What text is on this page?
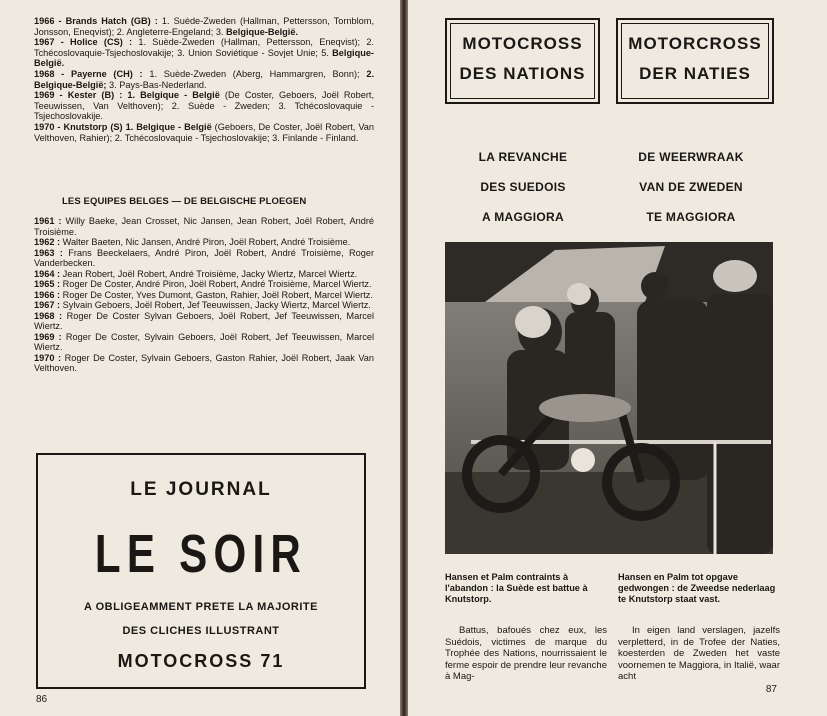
1966 - Brands Hatch (GB) : 1. Suède-Zweden (Hallman, Pettersson, Tornblom, Jonsson, Eneqvist); 2. Angleterre-Engeland; 3. Belgique-België.

1967 - Holice (CS) : 1. Suède-Zweden (Hallman, Pettersson, Eneqvist); 2. Tchécoslovaquie-Tsjechoslovakije; 3. Union Soviétique - Sovjet Unie; 5. Belgique-België.

1968 - Payerne (CH) : 1. Suède-Zweden (Aberg, Hammargren, Bonn); 2. Belgique-België; 3. Pays-Bas-Nederland.

1969 - Kester (B) : 1. Belgique - België (De Coster, Geboers, Joël Robert, Teeuwissen, Van Velthoven); 2. Suède - Zweden; 3. Tchécoslovaquie - Tsjechoslovakije.

1970 - Knutstorp (S) 1. Belgique - België (Geboers, De Coster, Joël Robert, Van Velthoven, Rahier); 2. Tchécoslovaquie - Tsjechoslovakije; 3. Finlande - Finland.

LES EQUIPES BELGES — DE BELGISCHE PLOEGEN

1961 : Willy Baeke, Jean Crosset, Nic Jansen, Jean Robert, Joël Robert, André Troisième.

1962 : Walter Baeten, Nic Jansen, André Piron, Joël Robert, André Troisième.

1963 : Frans Beeckelaers, André Piron, Joël Robert, André Troisième, Roger Vanderbecken.

1964 : Jean Robert, Joël Robert, André Troisième, Jacky Wiertz, Marcel Wiertz.

1965 : Roger De Coster, André Piron, Joël Robert, André Troisième, Marcel Wiertz.

1966 : Roger De Coster, Yves Dumont, Gaston, Rahier, Joël Robert, Marcel Wiertz.

1967 : Sylvain Geboers, Joël Robert, Jef Teeuwissen, Jacky Wiertz, Marcel Wiertz.

1968 : Roger De Coster Sylvan Geboers, Joël Robert, Jef Teeuwissen, Marcel Wiertz.

1969 : Roger De Coster, Sylvain Geboers, Joël Robert, Jef Teeuwissen, Marcel Wiertz.

1970 : Roger De Coster, Sylvain Geboers, Gaston Rahier, Joël Robert, Jaak Van Velthoven.

LE JOURNAL
LE SOIR
A OBLIGEAMMENT PRETE LA MAJORITE
DES CLICHES ILLUSTRANT
MOTOCROSS 71
86
MOTOCROSS
DES NATIONS
MOTORCROSS
DER NATIES
LA REVANCHE
DES SUEDOIS
A MAGGIORA
DE WEERWRAAK
VAN DE ZWEDEN
TE MAGGIORA
Hansen et Palm contraints à l'abandon : la Suède est battue à Knutstorp.
Hansen en Palm tot opgave gedwongen : de Zweedse nederlaag te Knutstorp staat vast.
Battus, bafoués chez eux, les Suédois, victimes de marque du Trophée des Nations, nourrissaient le ferme espoir de prendre leur revanche à Mag-
In eigen land verslagen, jazelfs verpletterd, in de Trofee der Naties, koesterden de Zweden het vaste voornemen te Maggiora, in Italië, waar acht
87
